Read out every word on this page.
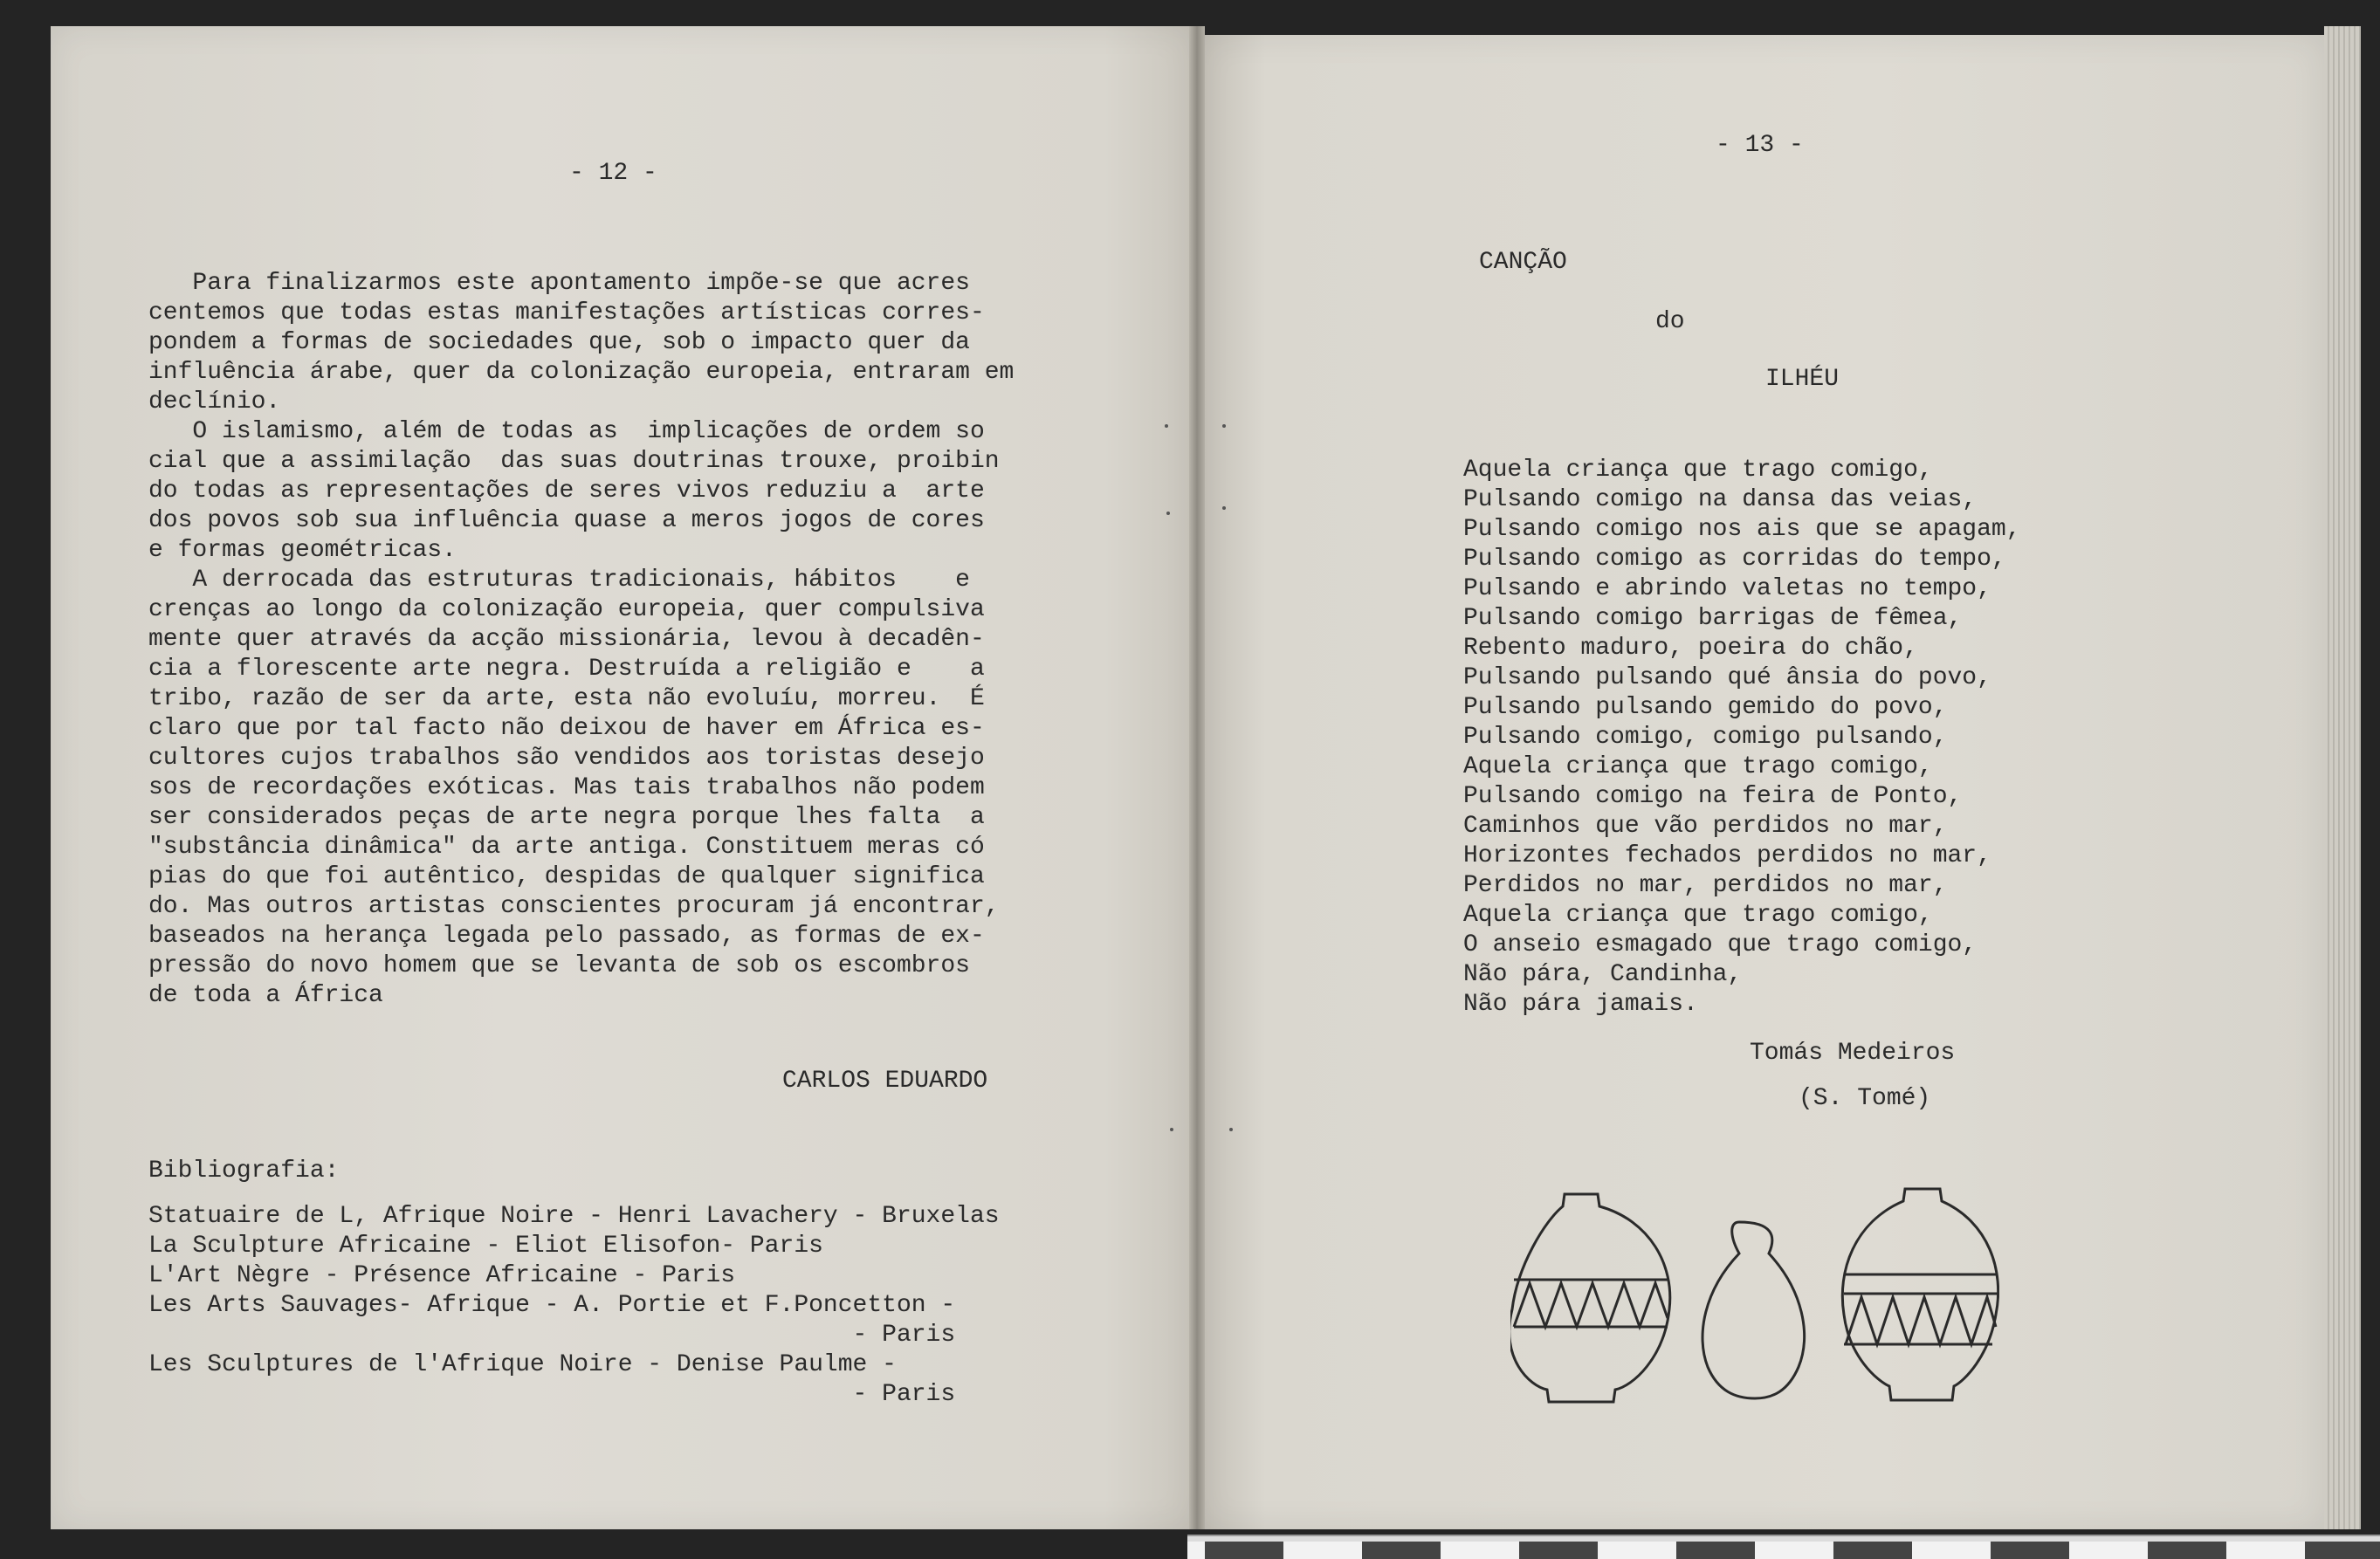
- 12 -
Para finalizarmos este apontamento impõe-se que acres
centemos que todas estas manifestações artísticas corres-
pondem a formas de sociedades que, sob o impacto quer da
influência árabe, quer da colonização europeia, entraram em
declínio.
O islamismo, além de todas as  implicações de ordem so
cial que a assimilação  das suas doutrinas trouxe, proibin
do todas as representações de seres vivos reduziu a  arte
dos povos sob sua influência quase a meros jogos de cores
e formas geométricas.
A derrocada das estruturas tradicionais, hábitos    e
crenças ao longo da colonização europeia, quer compulsiva
mente quer através da acção missionária, levou à decadên-
cia a florescente arte negra. Destruída a religião e    a
tribo, razão de ser da arte, esta não evoluíu, morreu.  É
claro que por tal facto não deixou de haver em África es-
cultores cujos trabalhos são vendidos aos toristas desejo
sos de recordações exóticas. Mas tais trabalhos não podem
ser considerados peças de arte negra porque lhes falta  a
"substância dinâmica" da arte antiga. Constituem meras có
pias do que foi autêntico, despidas de qualquer significa
do. Mas outros artistas conscientes procuram já encontrar,
baseados na herança legada pelo passado, as formas de ex-
pressão do novo homem que se levanta de sob os escombros
de toda a África
CARLOS EDUARDO
Bibliografia:
Statuaire de L, Afrique Noire - Henri Lavachery - Bruxelas
La Sculpture Africaine - Eliot Elisofon- Paris
L'Art Nègre - Présence Africaine - Paris
Les Arts Sauvages- Afrique - A. Portie et F.Poncetton -
- Paris
Les Sculptures de l'Afrique Noire - Denise Paulme -
- Paris
- 13 -
CANÇÃO
do
ILHÉU
Aquela criança que trago comigo,
Pulsando comigo na dansa das veias,
Pulsando comigo nos ais que se apagam,
Pulsando comigo as corridas do tempo,
Pulsando e abrindo valetas no tempo,
Pulsando comigo barrigas de fêmea,
Rebento maduro, poeira do chão,
Pulsando pulsando qué ânsia do povo,
Pulsando pulsando gemido do povo,
Pulsando comigo, comigo pulsando,
Aquela criança que trago comigo,
Pulsando comigo na feira de Ponto,
Caminhos que vão perdidos no mar,
Horizontes fechados perdidos no mar,
Perdidos no mar, perdidos no mar,
Aquela criança que trago comigo,
O anseio esmagado que trago comigo,
Não pára, Candinha,
Não pára jamais.
Tomás Medeiros
(S. Tomé)
